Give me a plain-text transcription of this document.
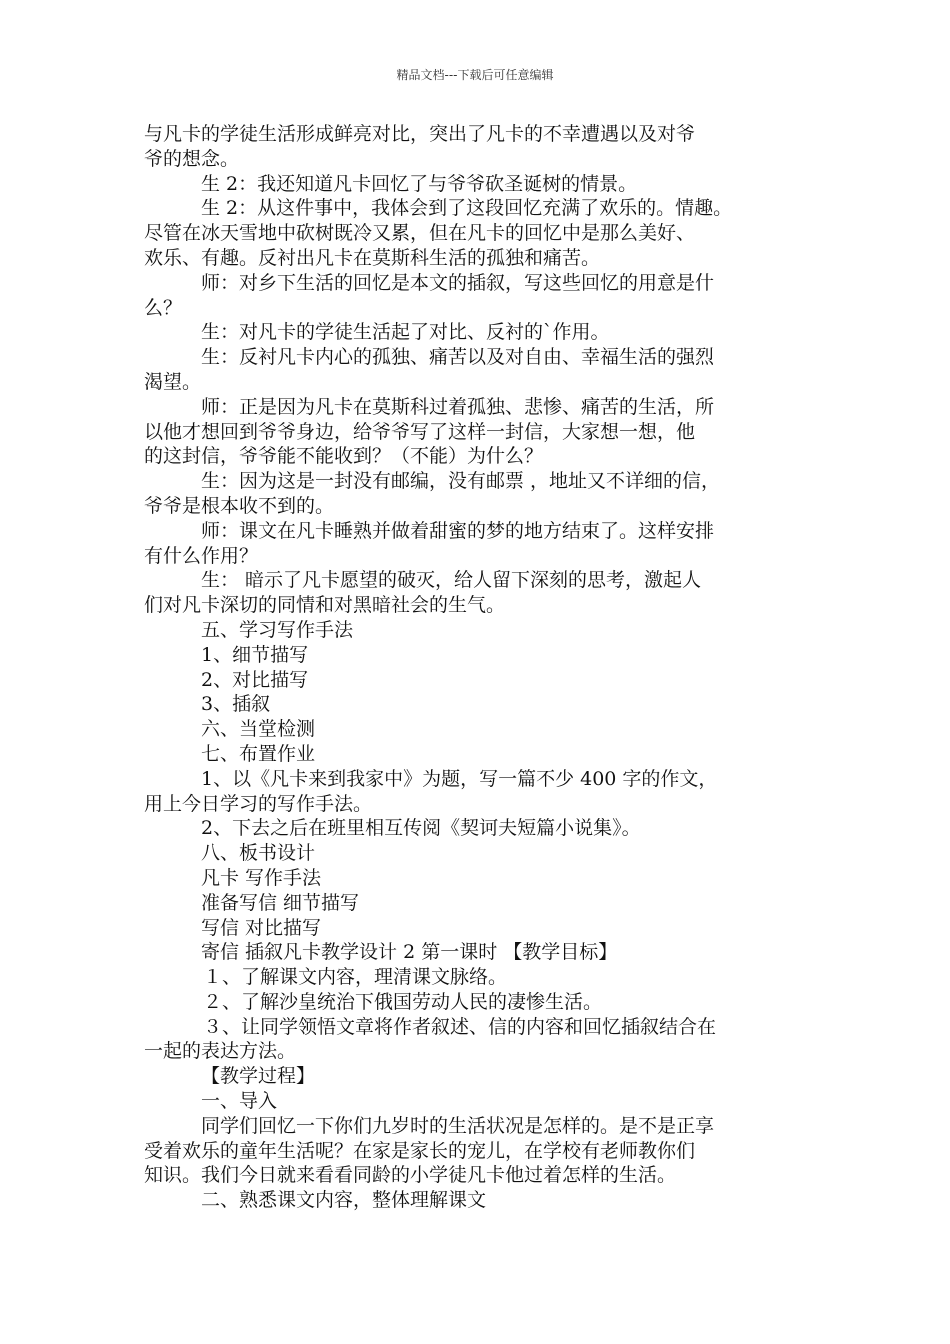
精品文档---下载后可任意编辑

与凡卡的学徒生活形成鲜亮对比，突出了凡卡的不幸遭遇以及对爷

爷的想念。

生 2：我还知道凡卡回忆了与爷爷砍圣诞树的情景。

生 2：从这件事中，我体会到了这段回忆充满了欢乐的。情趣。

尽管在冰天雪地中砍树既冷又累，但在凡卡的回忆中是那么美好、

欢乐、有趣。反衬出凡卡在莫斯科生活的孤独和痛苦。

师：对乡下生活的回忆是本文的插叙，写这些回忆的用意是什

么？

生：对凡卡的学徒生活起了对比、反衬的`作用。

生：反衬凡卡内心的孤独、痛苦以及对自由、幸福生活的强烈

渴望。

师：正是因为凡卡在莫斯科过着孤独、悲惨、痛苦的生活，所

以他才想回到爷爷身边，给爷爷写了这样一封信，大家想一想，他

的这封信，爷爷能不能收到？（不能）为什么？

生：因为这是一封没有邮编，没有邮票 ，地址又不详细的信，

爷爷是根本收不到的。

师：课文在凡卡睡熟并做着甜蜜的梦的地方结束了。这样安排

有什么作用？

生： 暗示了凡卡愿望的破灭，给人留下深刻的思考，激起人

们对凡卡深切的同情和对黑暗社会的生气。

五、学习写作手法

1、细节描写

2、对比描写

3、插叙

六、当堂检测

七、布置作业

1、以《凡卡来到我家中》为题，写一篇不少 400 字的作文，

用上今日学习的写作手法。

2、下去之后在班里相互传阅《契诃夫短篇小说集》。

八、板书设计

凡卡 写作手法

准备写信 细节描写

写信 对比描写

寄信 插叙凡卡教学设计 2 第一课时 【教学目标】

１、了解课文内容，理清课文脉络。

２、了解沙皇统治下俄国劳动人民的凄惨生活。

３、让同学领悟文章将作者叙述、信的内容和回忆插叙结合在

一起的表达方法。

【教学过程】

一、导入

同学们回忆一下你们九岁时的生活状况是怎样的。是不是正享

受着欢乐的童年生活呢？在家是家长的宠儿，在学校有老师教你们

知识。我们今日就来看看同龄的小学徒凡卡他过着怎样的生活。

二、熟悉课文内容，整体理解课文
